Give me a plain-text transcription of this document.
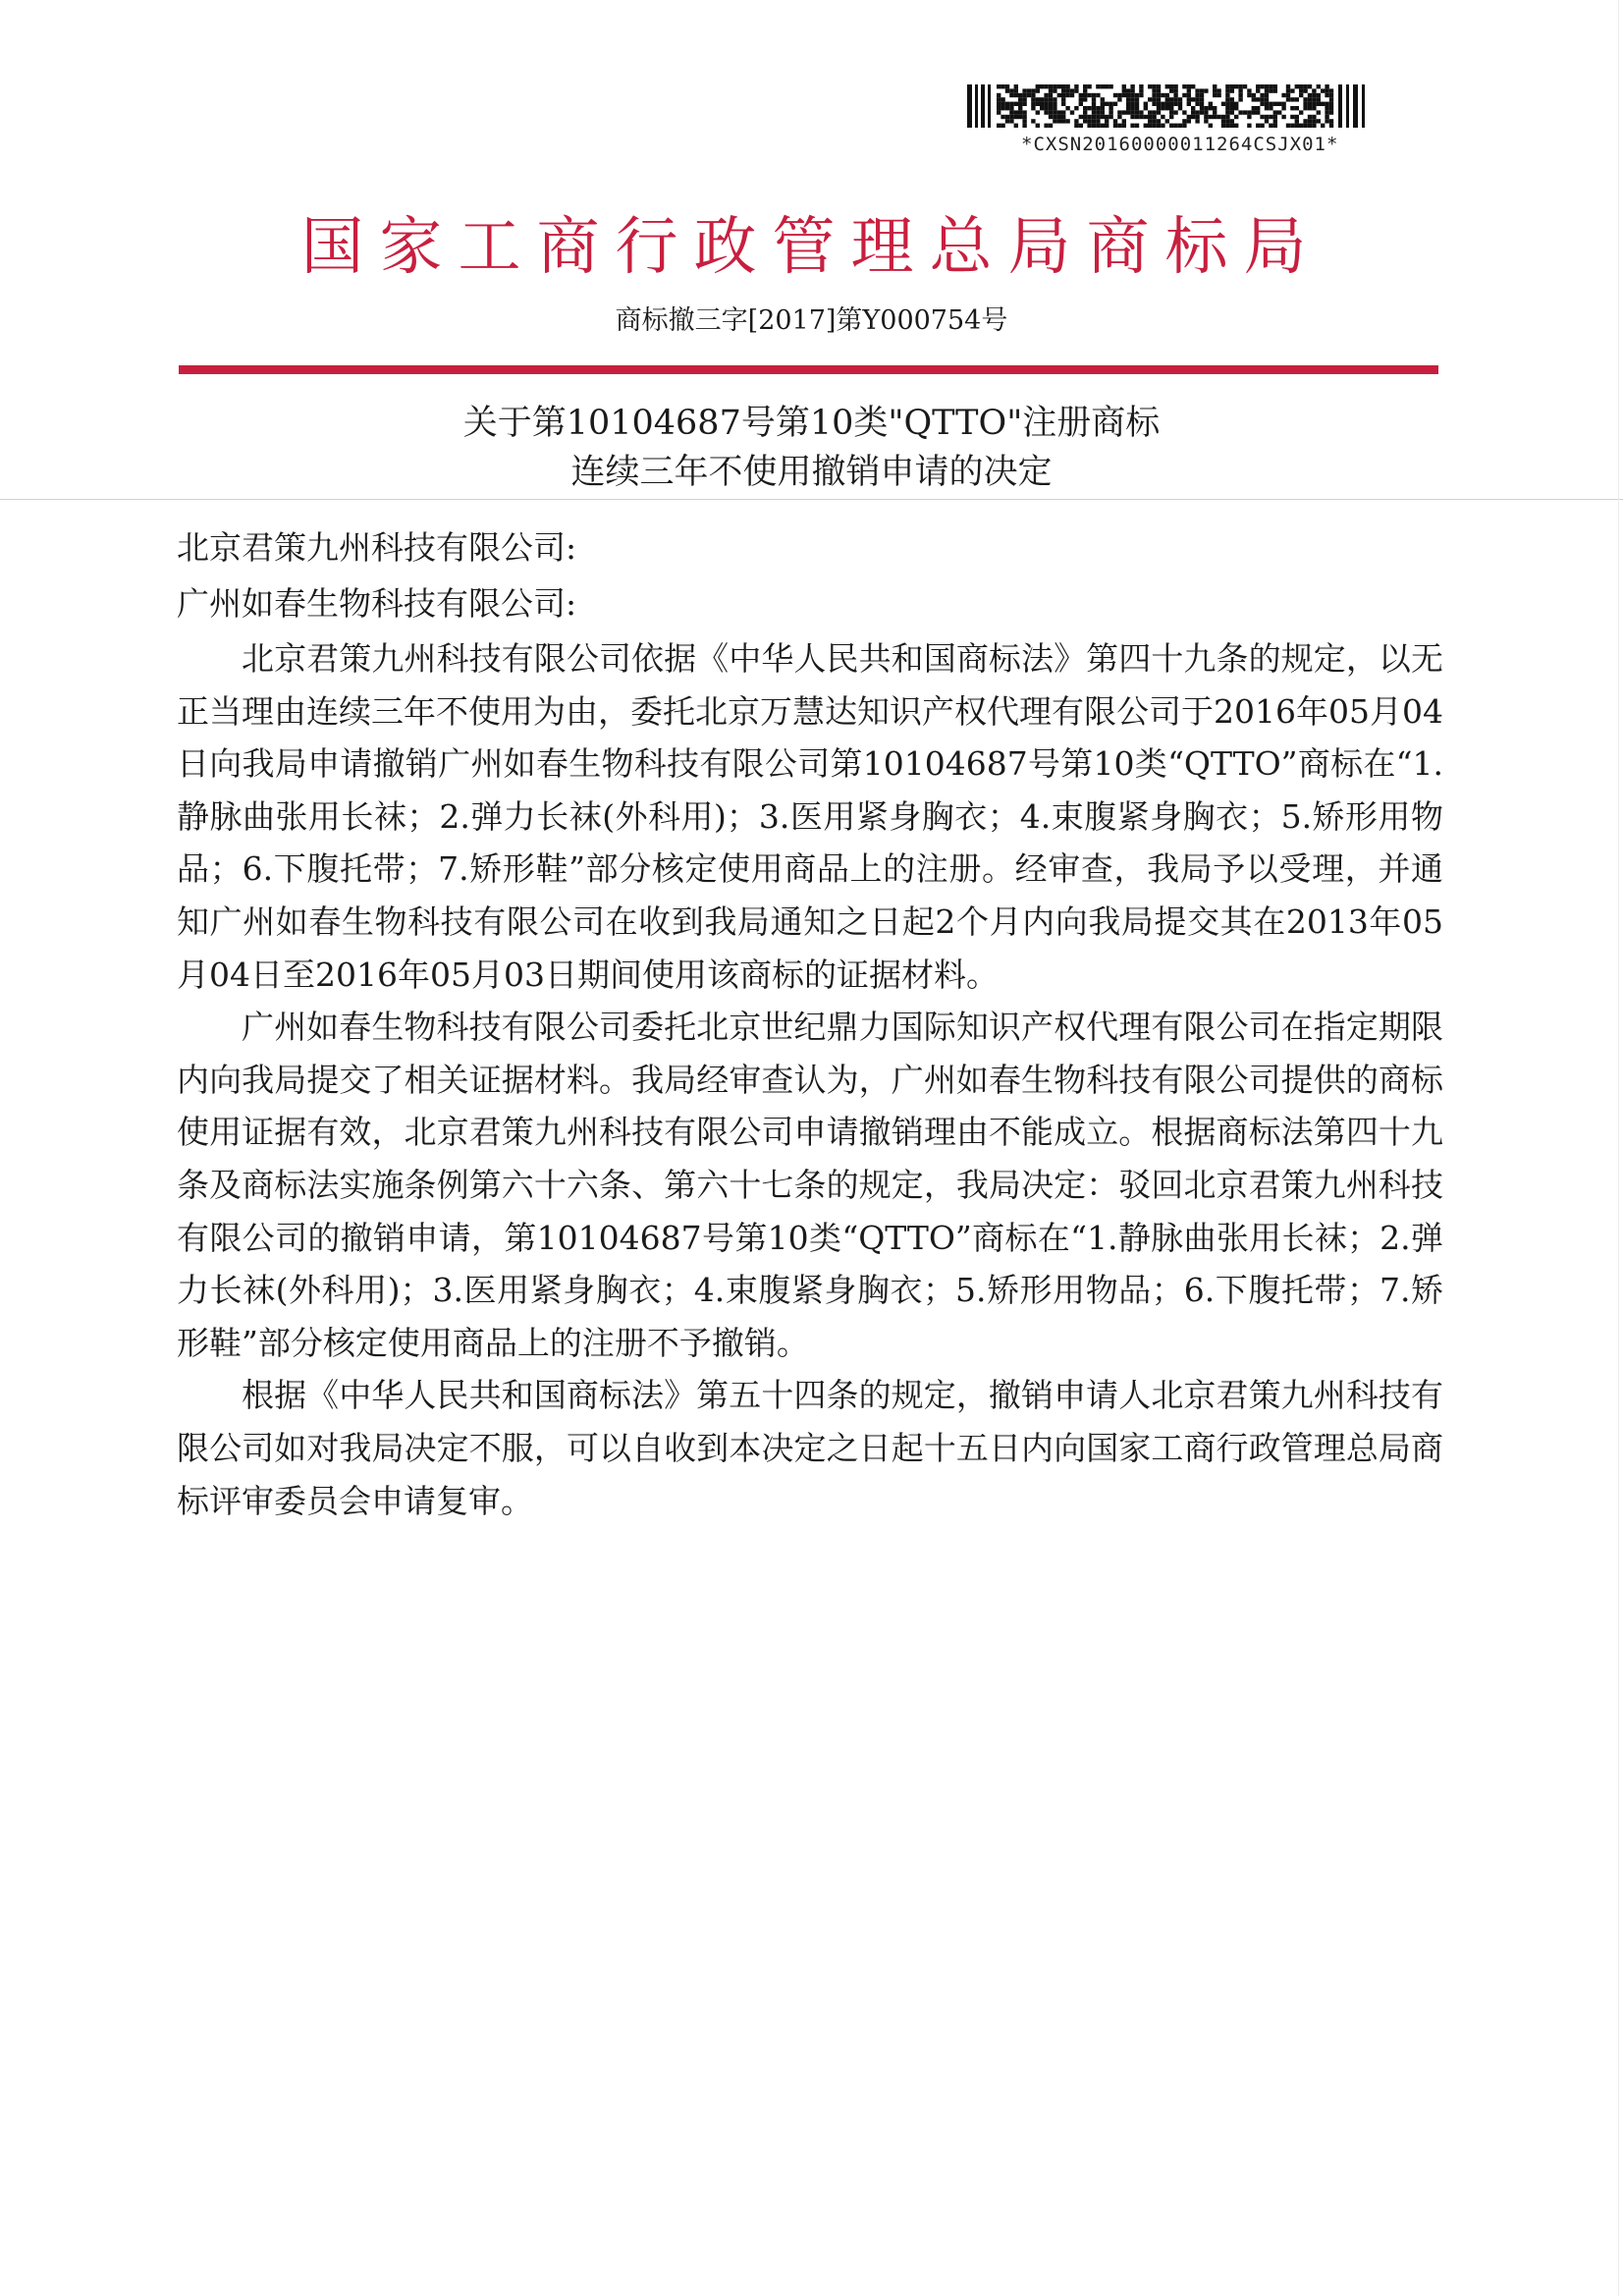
*CXSN20160000011264CSJX01*
国家工商行政管理总局商标局
商标撤三字[2017]第Y000754号
关于第10104687号第10类"QTTO"注册商标
连续三年不使用撤销申请的决定
北京君策九州科技有限公司:
广州如春生物科技有限公司:

北京君策九州科技有限公司依据《中华人民共和国商标法》第四十九条的规定，以无正当理由连续三年不使用为由，委托北京万慧达知识产权代理有限公司于2016年05月04日向我局申请撤销广州如春生物科技有限公司第10104687号第10类“QTTO”商标在“1.静脉曲张用长袜；2.弹力长袜(外科用)；3.医用紧身胸衣；4.束腹紧身胸衣；5.矫形用物品；6.下腹托带；7.矫形鞋”部分核定使用商品上的注册。经审查，我局予以受理，并通知广州如春生物科技有限公司在收到我局通知之日起2个月内向我局提交其在2013年05月04日至2016年05月03日期间使用该商标的证据材料。

广州如春生物科技有限公司委托北京世纪鼎力国际知识产权代理有限公司在指定期限内向我局提交了相关证据材料。我局经审查认为，广州如春生物科技有限公司提供的商标使用证据有效，北京君策九州科技有限公司申请撤销理由不能成立。根据商标法第四十九条及商标法实施条例第六十六条、第六十七条的规定，我局决定：驳回北京君策九州科技有限公司的撤销申请，第10104687号第10类“QTTO”商标在“1.静脉曲张用长袜；2.弹力长袜(外科用)；3.医用紧身胸衣；4.束腹紧身胸衣；5.矫形用物品；6.下腹托带；7.矫形鞋”部分核定使用商品上的注册不予撤销。

根据《中华人民共和国商标法》第五十四条的规定，撤销申请人北京君策九州科技有限公司如对我局决定不服，可以自收到本决定之日起十五日内向国家工商行政管理总局商标评审委员会申请复审。
